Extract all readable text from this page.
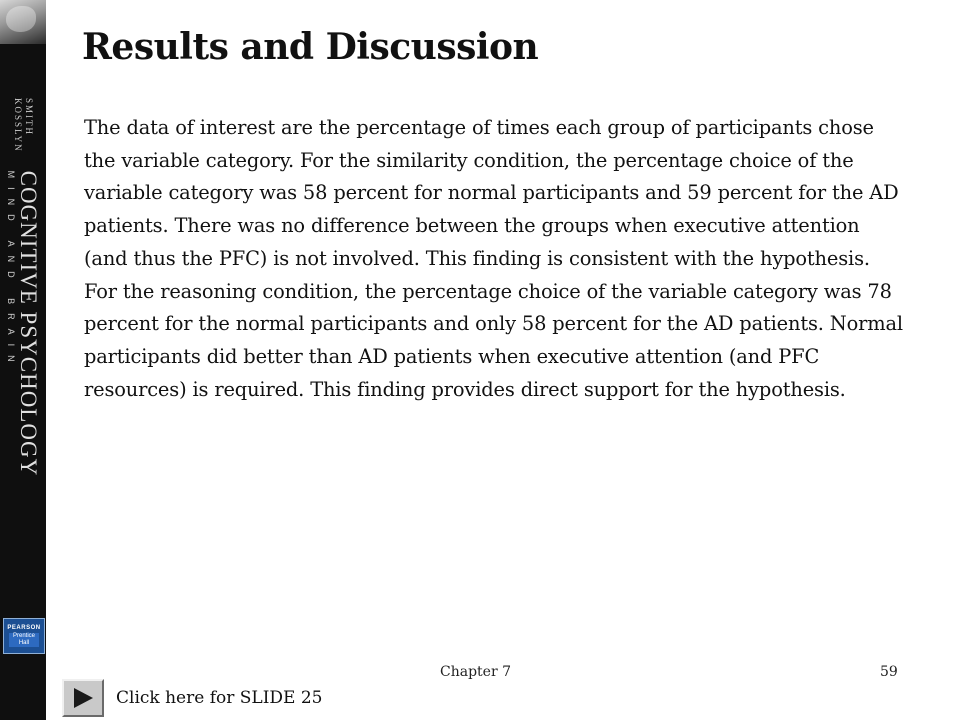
SMITH
KOSSLYN
COGNITIVE PSYCHOLOGY
MIND AND BRAIN
PEARSON
Prentice
Hall
Results and Discussion

The data of interest are the percentage of times each group of participants chose the variable category. For the similarity condition, the percentage choice of the variable category was 58 percent for normal participants and 59 percent for the AD patients. There was no difference between the groups when executive attention (and thus the PFC) is not involved. This finding is consistent with the hypothesis. For the reasoning condition, the percentage choice of the variable category was 78 percent for the normal participants and only 58 percent for the AD patients. Normal participants did better than AD patients when executive attention (and PFC resources) is required. This finding provides direct support for the hypothesis.

Chapter 7	59
Click here for SLIDE 25
